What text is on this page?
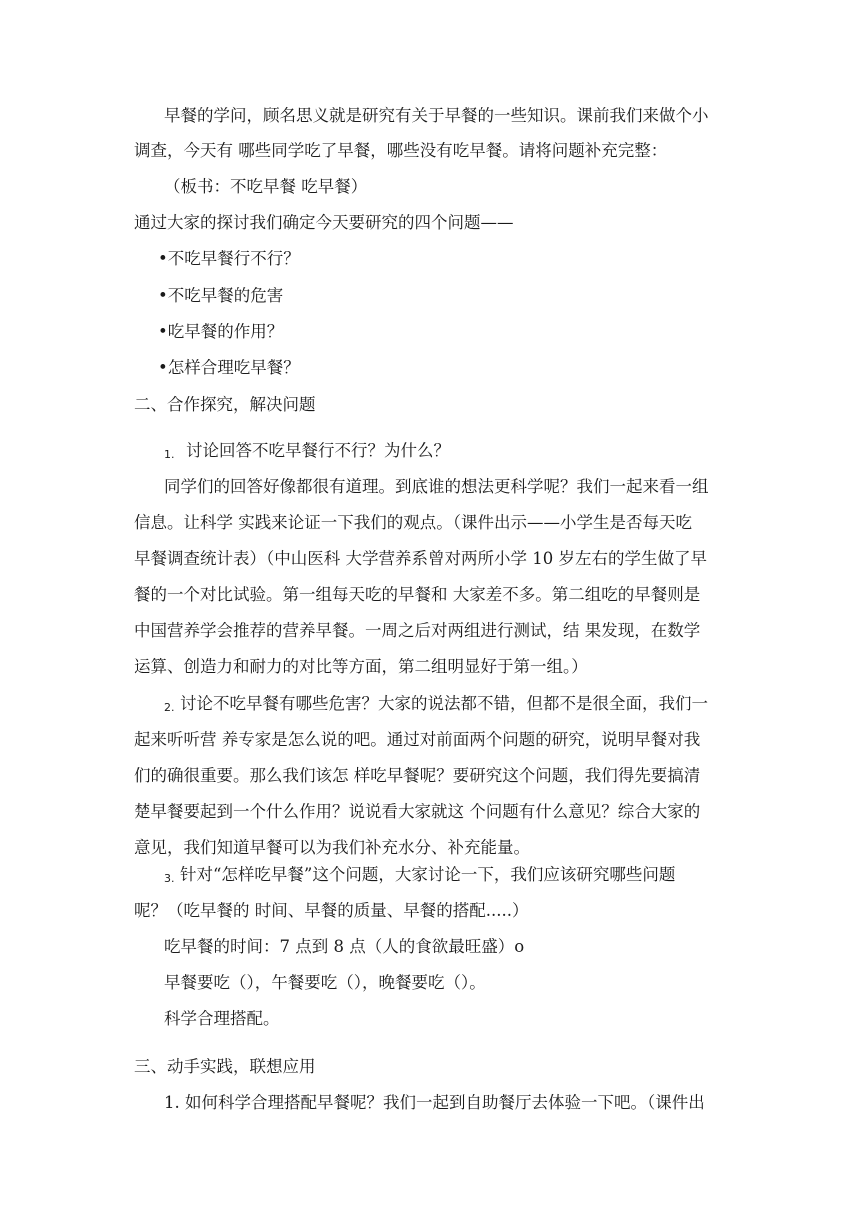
早餐的学问，顾名思义就是研究有关于早餐的一些知识。课前我们来做个小
调查，今天有 哪些同学吃了早餐，哪些没有吃早餐。请将问题补充完整：
（板书：不吃早餐 吃早餐）
通过大家的探讨我们确定今天要研究的四个问题——
•不吃早餐行不行？
•不吃早餐的危害
•吃早餐的作用？
•怎样合理吃早餐？
二、合作探究，解决问题
1. 讨论回答不吃早餐行不行？为什么？
同学们的回答好像都很有道理。到底谁的想法更科学呢？我们一起来看一组
信息。让科学 实践来论证一下我们的观点。（课件出示——小学生是否每天吃
早餐调查统计表）（中山医科 大学营养系曾对两所小学 10 岁左右的学生做了早
餐的一个对比试验。第一组每天吃的早餐和 大家差不多。第二组吃的早餐则是
中国营养学会推荐的营养早餐。一周之后对两组进行测试，结 果发现，在数学
运算、创造力和耐力的对比等方面，第二组明显好于第一组。）
2. 讨论不吃早餐有哪些危害？大家的说法都不错，但都不是很全面，我们一
起来听听营 养专家是怎么说的吧。通过对前面两个问题的研究，说明早餐对我
们的确很重要。那么我们该怎 样吃早餐呢？要研究这个问题，我们得先要搞清
楚早餐要起到一个什么作用？说说看大家就这 个问题有什么意见？综合大家的
意见，我们知道早餐可以为我们补充水分、补充能量。
3. 针对“怎样吃早餐”这个问题，大家讨论一下，我们应该研究哪些问题
呢？（吃早餐的 时间、早餐的质量、早餐的搭配.....）
吃早餐的时间：7 点到 8 点（人的食欲最旺盛）o
早餐要吃（），午餐要吃（），晚餐要吃（）。
科学合理搭配。
三、动手实践，联想应用
1. 如何科学合理搭配早餐呢？我们一起到自助餐厅去体验一下吧。（课件出
